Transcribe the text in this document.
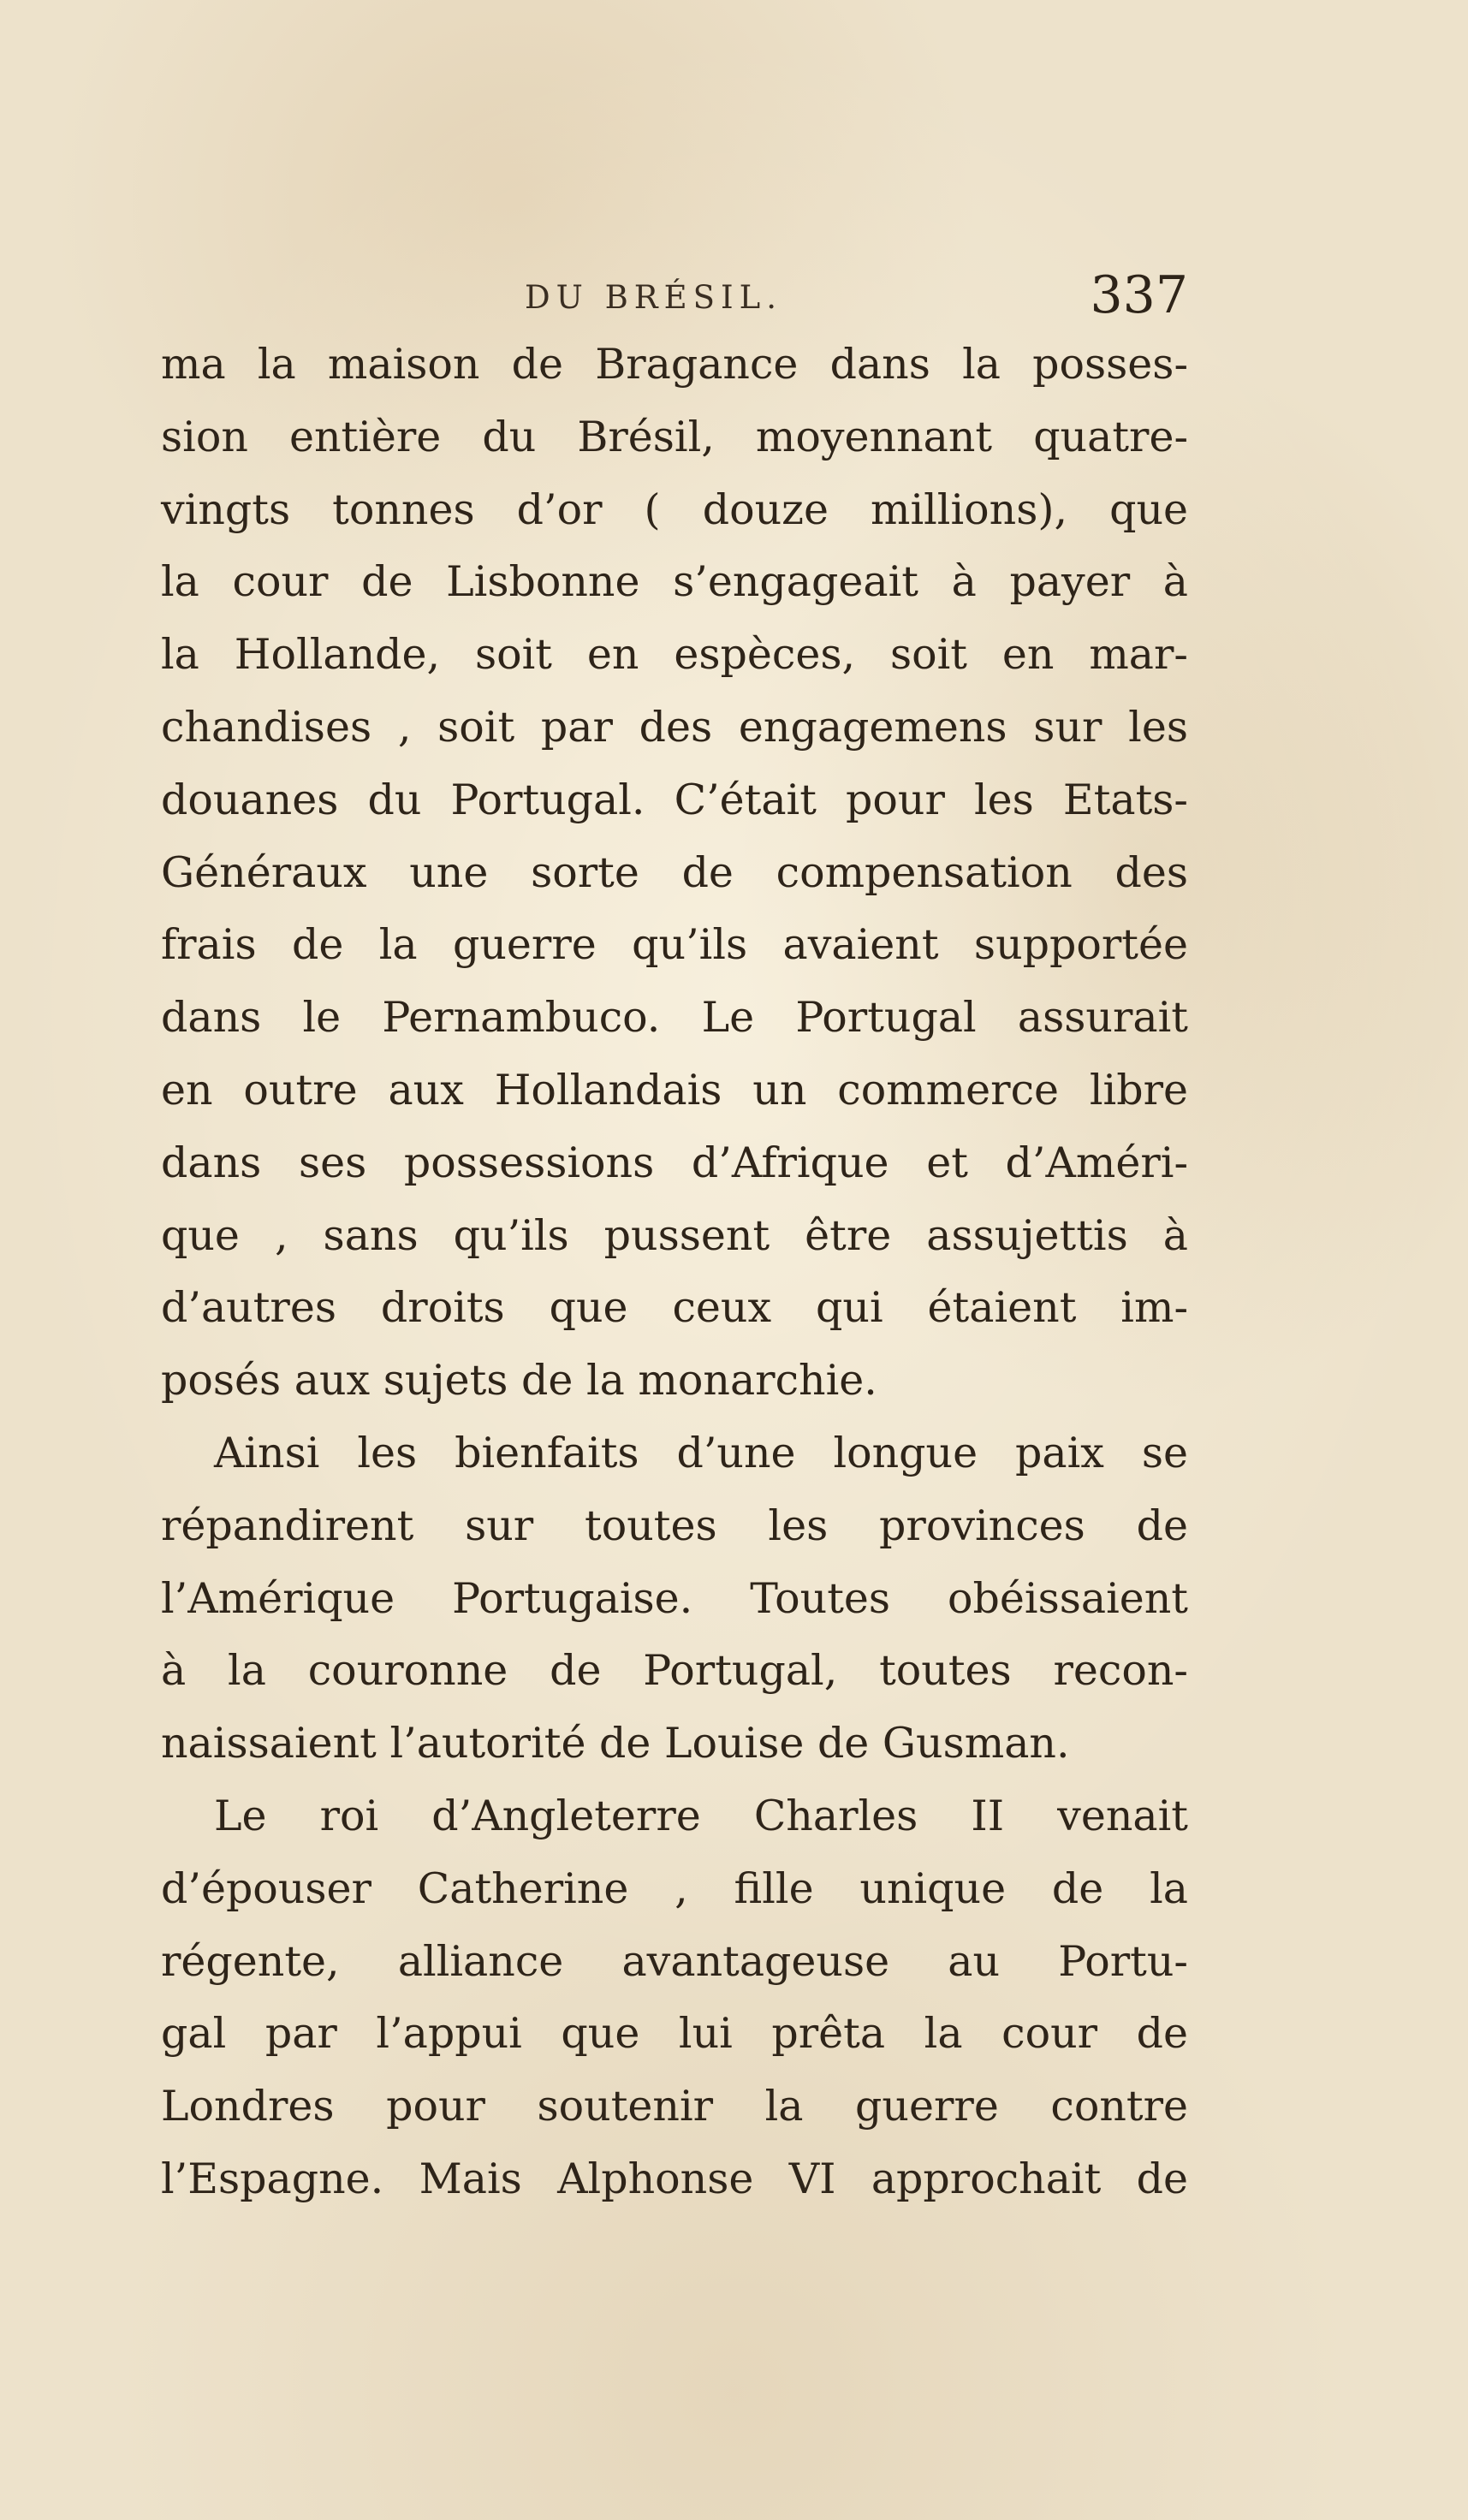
DU BRÉSIL.	337
ma la maison de Bragance dans la posses-
sion entière du Brésil, moyennant quatre-
vingts tonnes d’or ( douze millions), que
la cour de Lisbonne s’engageait à payer à
la Hollande, soit en espèces, soit en mar-
chandises , soit par des engagemens sur les
douanes du Portugal. C’était pour les Etats-
Généraux une sorte de compensation des
frais de la guerre qu’ils avaient supportée
dans le Pernambuco. Le Portugal assurait
en outre aux Hollandais un commerce libre
dans ses possessions d’Afrique et d’Améri-
que , sans qu’ils pussent être assujettis à
d’autres droits que ceux qui étaient im-
posés aux sujets de la monarchie.
Ainsi les bienfaits d’une longue paix se
répandirent sur toutes les provinces de
l’Amérique Portugaise. Toutes obéissaient
à la couronne de Portugal, toutes recon-
naissaient l’autorité de Louise de Gusman.
Le roi d’Angleterre Charles II venait
d’épouser Catherine , fille unique de la
régente, alliance avantageuse au Portu-
gal par l’appui que lui prêta la cour de
Londres pour soutenir la guerre contre
l’Espagne. Mais Alphonse VI approchait de
